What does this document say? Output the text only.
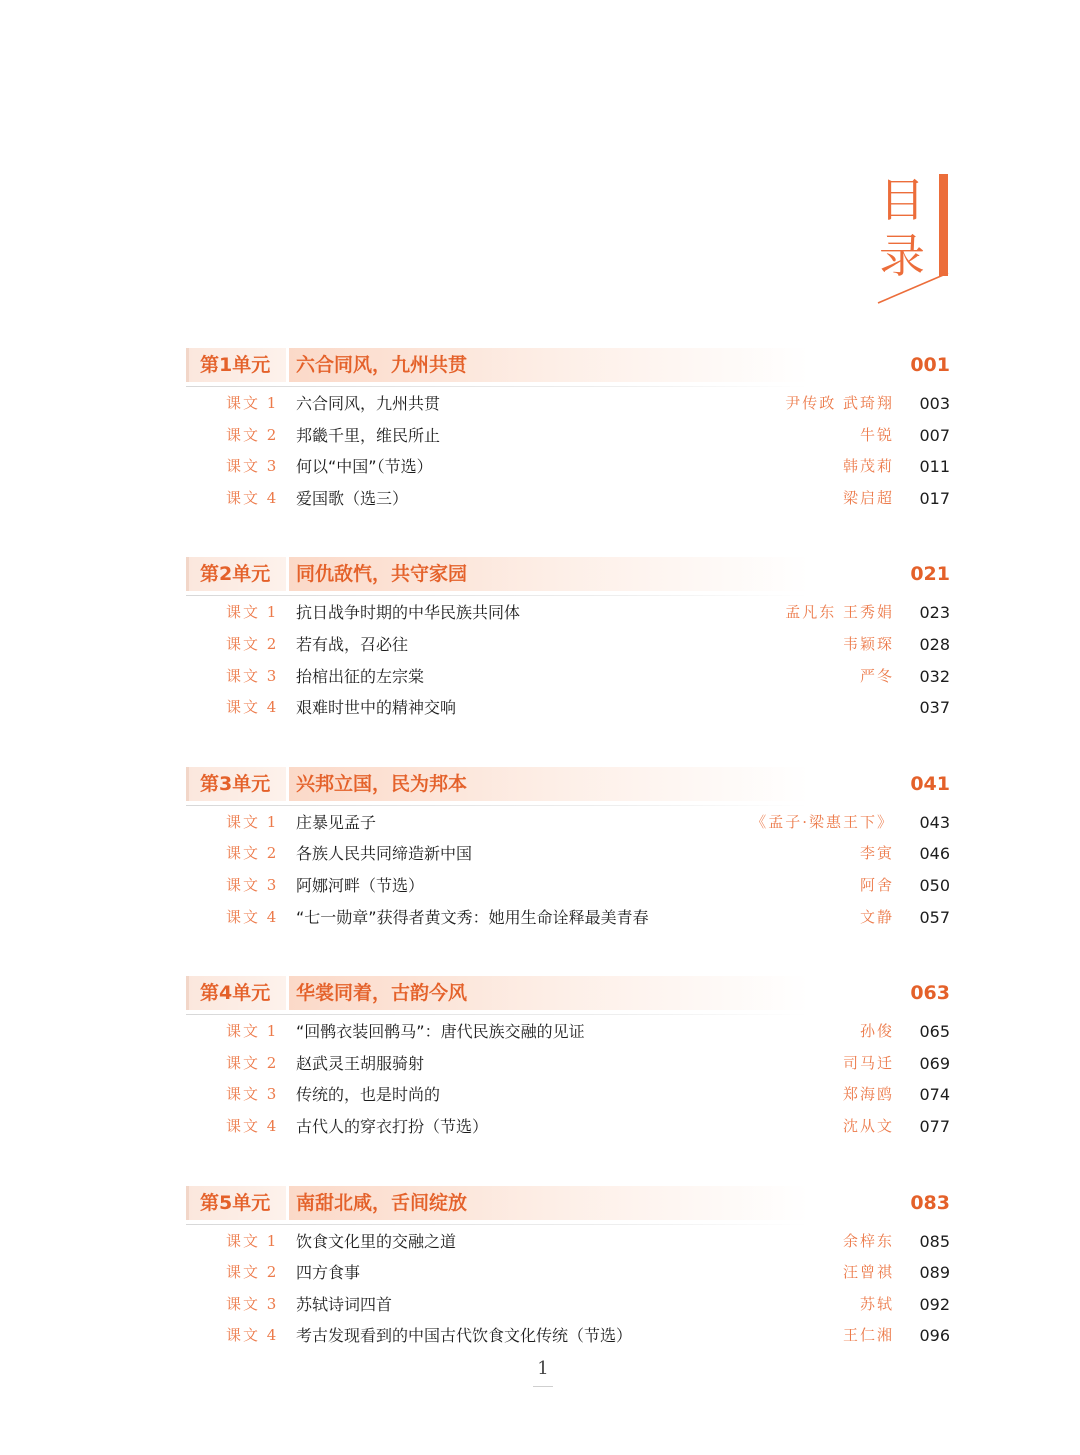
目
录
第1单元 六合同风，九州共贯	001
课文 1 六合同风，九州共贯	尹传政 武琦翔 003
课文 2 邦畿千里，维民所止	牛锐 007
课文 3 何以“中国”（节选）	韩茂莉 011
课文 4 爱国歌（选三）	梁启超 017
第2单元 同仇敌忾，共守家园	021
课文 1 抗日战争时期的中华民族共同体	孟凡东 王秀娟 023
课文 2 若有战，召必往	韦颖琛 028
课文 3 抬棺出征的左宗棠	严冬 032
课文 4 艰难时世中的精神交响	037
第3单元 兴邦立国，民为邦本	041
课文 1 庄暴见孟子	《孟子·梁惠王下》 043
课文 2 各族人民共同缔造新中国	李寅 046
课文 3 阿娜河畔（节选）	阿舍 050
课文 4 “七一勋章”获得者黄文秀：她用生命诠释最美青春	文静 057
第4单元 华裳同着，古韵今风	063
课文 1 “回鹘衣装回鹘马”：唐代民族交融的见证	孙俊 065
课文 2 赵武灵王胡服骑射	司马迁 069
课文 3 传统的，也是时尚的	郑海鸥 074
课文 4 古代人的穿衣打扮（节选）	沈从文 077
第5单元 南甜北咸，舌间绽放	083
课文 1 饮食文化里的交融之道	余梓东 085
课文 2 四方食事	汪曾祺 089
课文 3 苏轼诗词四首	苏轼 092
课文 4 考古发现看到的中国古代饮食文化传统（节选）	王仁湘 096
1
